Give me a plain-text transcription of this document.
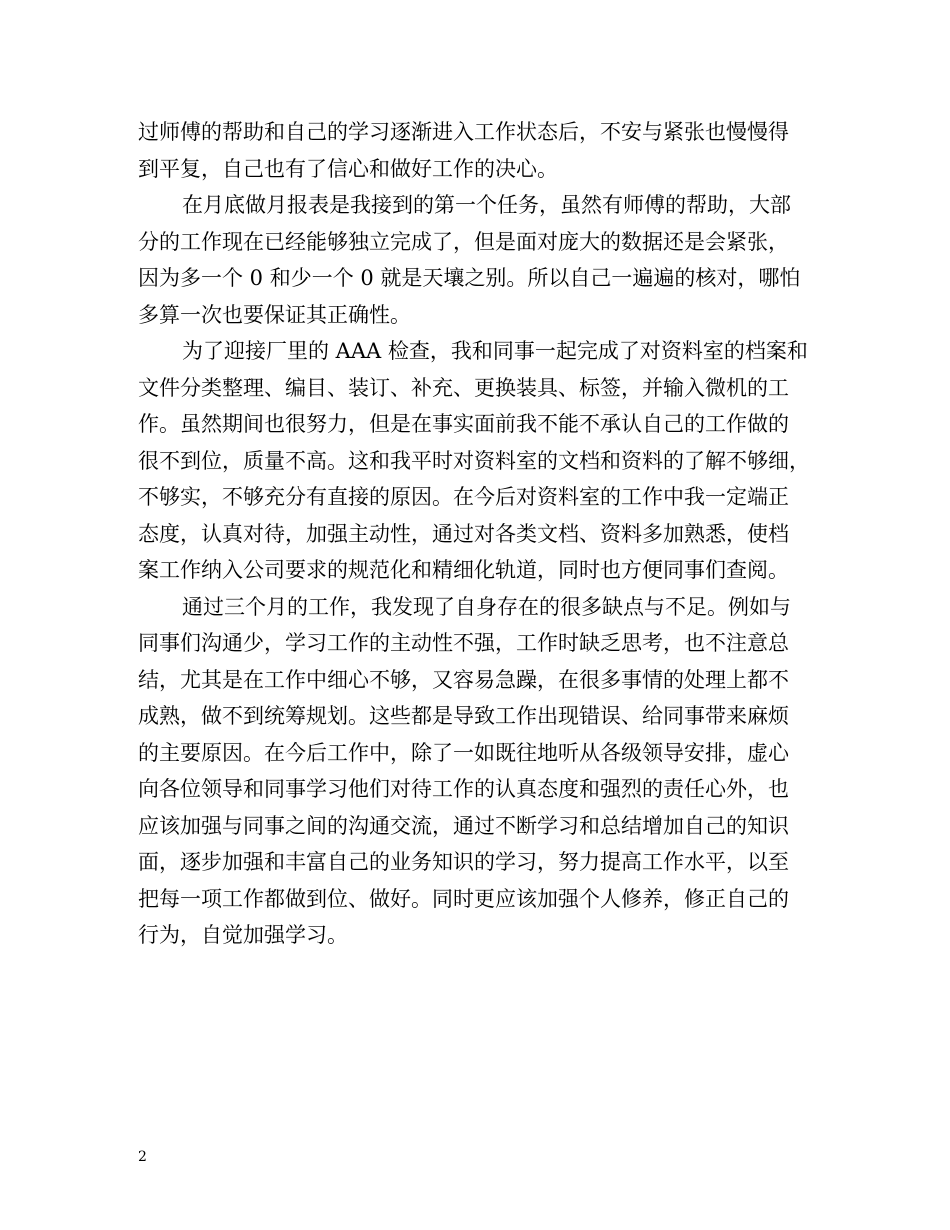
过师傅的帮助和自己的学习逐渐进入工作状态后，不安与紧张也慢慢得
到平复，自己也有了信心和做好工作的决心。
在月底做月报表是我接到的第一个任务，虽然有师傅的帮助，大部
分的工作现在已经能够独立完成了，但是面对庞大的数据还是会紧张，
因为多一个 0 和少一个 0 就是天壤之别。所以自己一遍遍的核对，哪怕
多算一次也要保证其正确性。
为了迎接厂里的 AAA 检查，我和同事一起完成了对资料室的档案和
文件分类整理、编目、装订、补充、更换装具、标签，并输入微机的工
作。虽然期间也很努力，但是在事实面前我不能不承认自己的工作做的
很不到位，质量不高。这和我平时对资料室的文档和资料的了解不够细，
不够实，不够充分有直接的原因。在今后对资料室的工作中我一定端正
态度，认真对待，加强主动性，通过对各类文档、资料多加熟悉，使档
案工作纳入公司要求的规范化和精细化轨道，同时也方便同事们查阅。
通过三个月的工作，我发现了自身存在的很多缺点与不足。例如与
同事们沟通少，学习工作的主动性不强，工作时缺乏思考，也不注意总
结，尤其是在工作中细心不够，又容易急躁，在很多事情的处理上都不
成熟，做不到统筹规划。这些都是导致工作出现错误、给同事带来麻烦
的主要原因。在今后工作中，除了一如既往地听从各级领导安排，虚心
向各位领导和同事学习他们对待工作的认真态度和强烈的责任心外，也
应该加强与同事之间的沟通交流，通过不断学习和总结增加自己的知识
面，逐步加强和丰富自己的业务知识的学习，努力提高工作水平，以至
把每一项工作都做到位、做好。同时更应该加强个人修养，修正自己的
行为，自觉加强学习。
2
